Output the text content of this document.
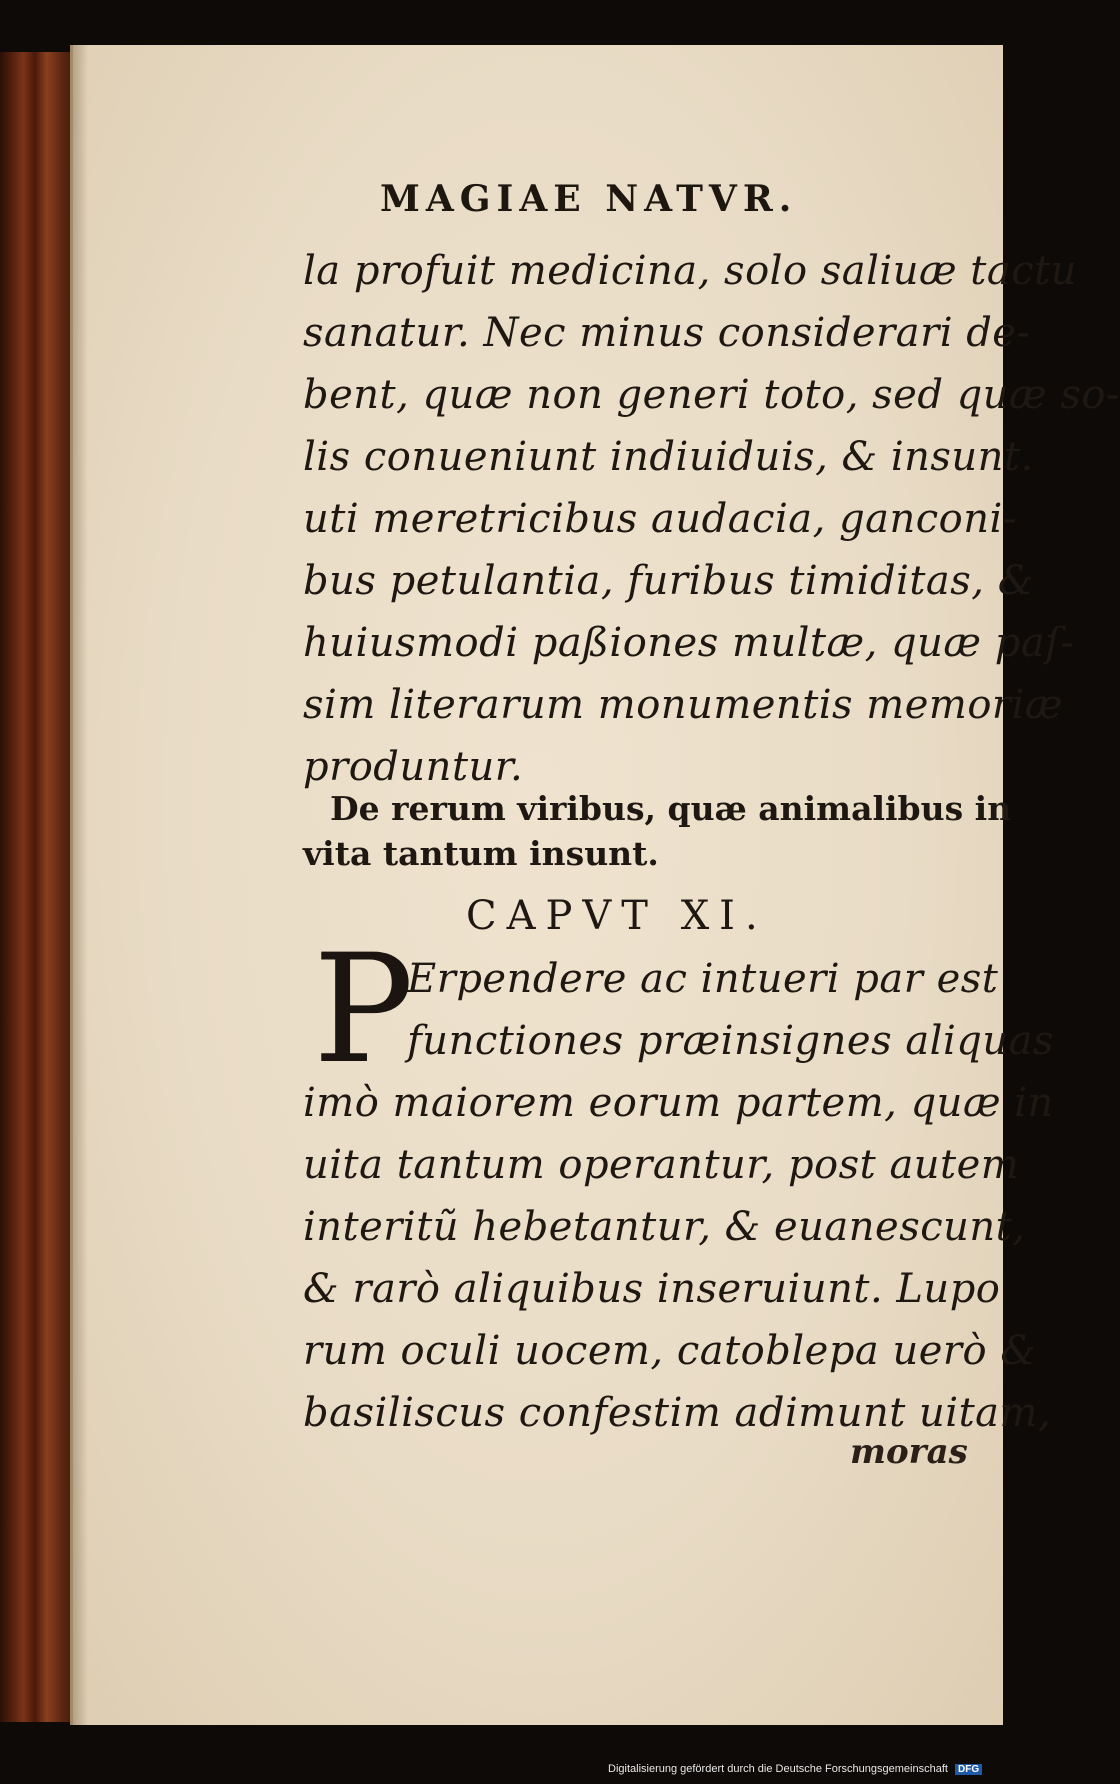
MAGIAE NATVR.
la profuit medicina, solo saliuæ tactu
sanatur. Nec minus considerari de-
bent, quæ non generi toto, sed quæ so-
lis conueniunt indiuiduis, & insunt.
uti meretricibus audacia, ganconi-
bus petulantia, furibus timiditas, &
huiusmodi paßiones multæ, quæ paſ-
sim literarum monumentis memoriæ
produntur.
De rerum viribus, quæ animalibus in
vita tantum insunt.
CAPVT XI.
P
Erpendere ac intueri par est
functiones præinsignes aliquas
imò maiorem eorum partem, quæ in
uita tantum operantur, post autem
interitũ hebetantur, & euanescunt,
& rarò aliquibus inseruiunt. Lupo
rum oculi uocem, catoblepa uerò &
basiliscus confestim adimunt uitam,
moras
Digitalisierung gefördert durch die Deutsche Forschungsgemeinschaft DFG
